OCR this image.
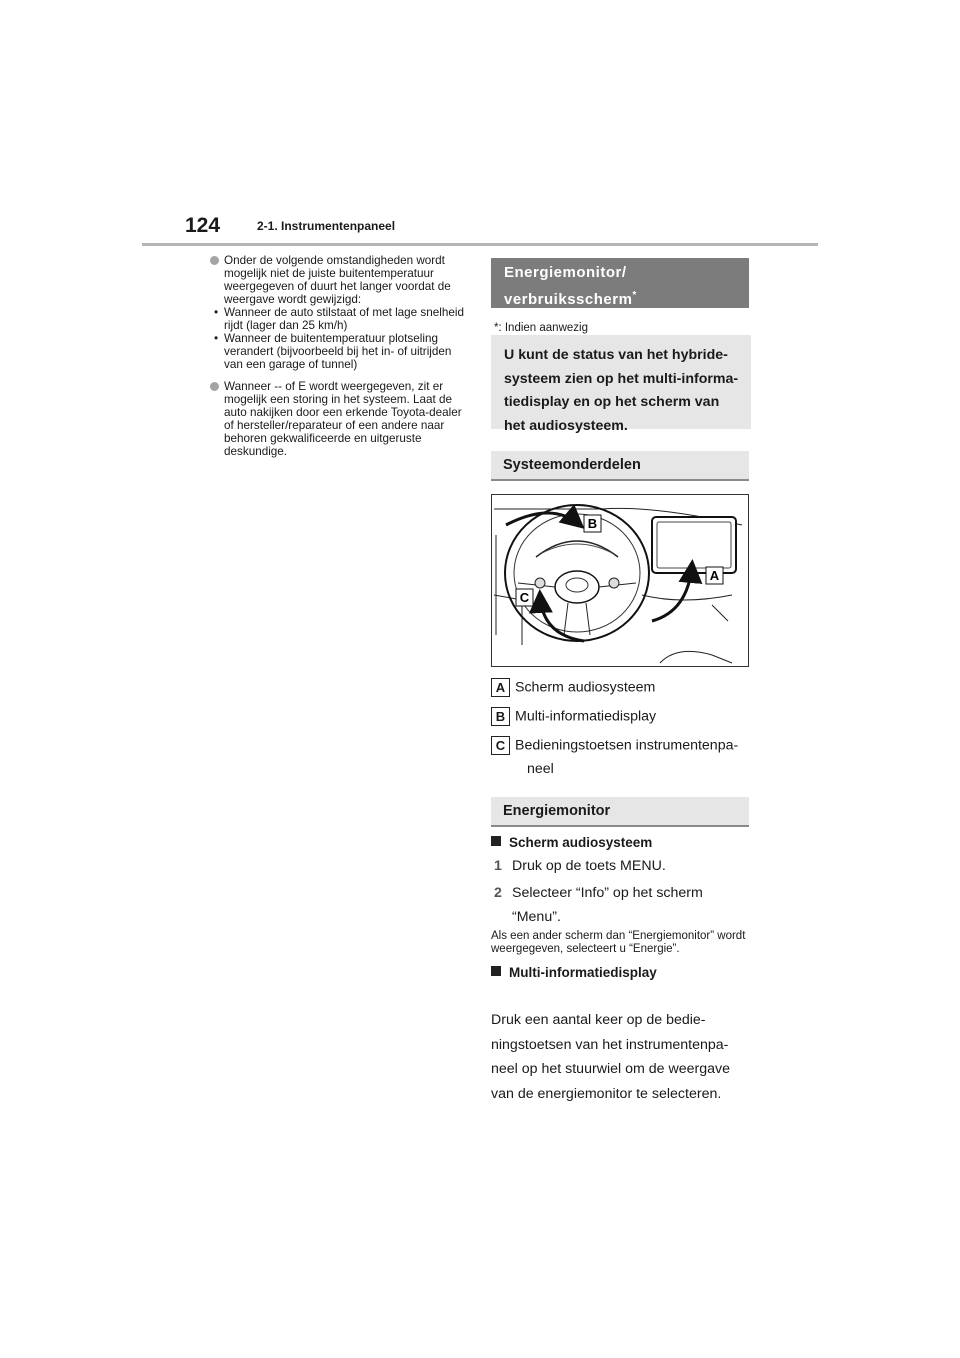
124	2-1. Instrumentenpaneel
Onder de volgende omstandigheden wordt mogelijk niet de juiste buitentemperatuur weergegeven of duurt het langer voordat de weergave wordt gewijzigd:
• Wanneer de auto stilstaat of met lage snelheid rijdt (lager dan 25 km/h)
• Wanneer de buitentemperatuur plotseling verandert (bijvoorbeeld bij het in- of uitrijden van een garage of tunnel)
Wanneer -- of E wordt weergegeven, zit er mogelijk een storing in het systeem. Laat de auto nakijken door een erkende Toyota-dealer of hersteller/reparateur of een andere naar behoren gekwalificeerde en uitgeruste deskundige.
Energiemonitor/
verbruiksscherm*
*: Indien aanwezig
U kunt de status van het hybride-systeem zien op het multi-informa-tiedisplay en op het scherm van het audiosysteem.
Systeemonderdelen
B
A
C
A Scherm audiosysteem
B Multi-informatiedisplay
C Bedieningstoetsen instrumentenpa-
neel
Energiemonitor
Scherm audiosysteem
1 Druk op de toets MENU.
2 Selecteer “Info” op het scherm
“Menu”.
Als een ander scherm dan “Energiemonitor” wordt weergegeven, selecteert u “Energie”.
Multi-informatiedisplay
Druk een aantal keer op de bedie-ningstoetsen van het instrumentenpa-neel op het stuurwiel om de weergave van de energiemonitor te selecteren.
